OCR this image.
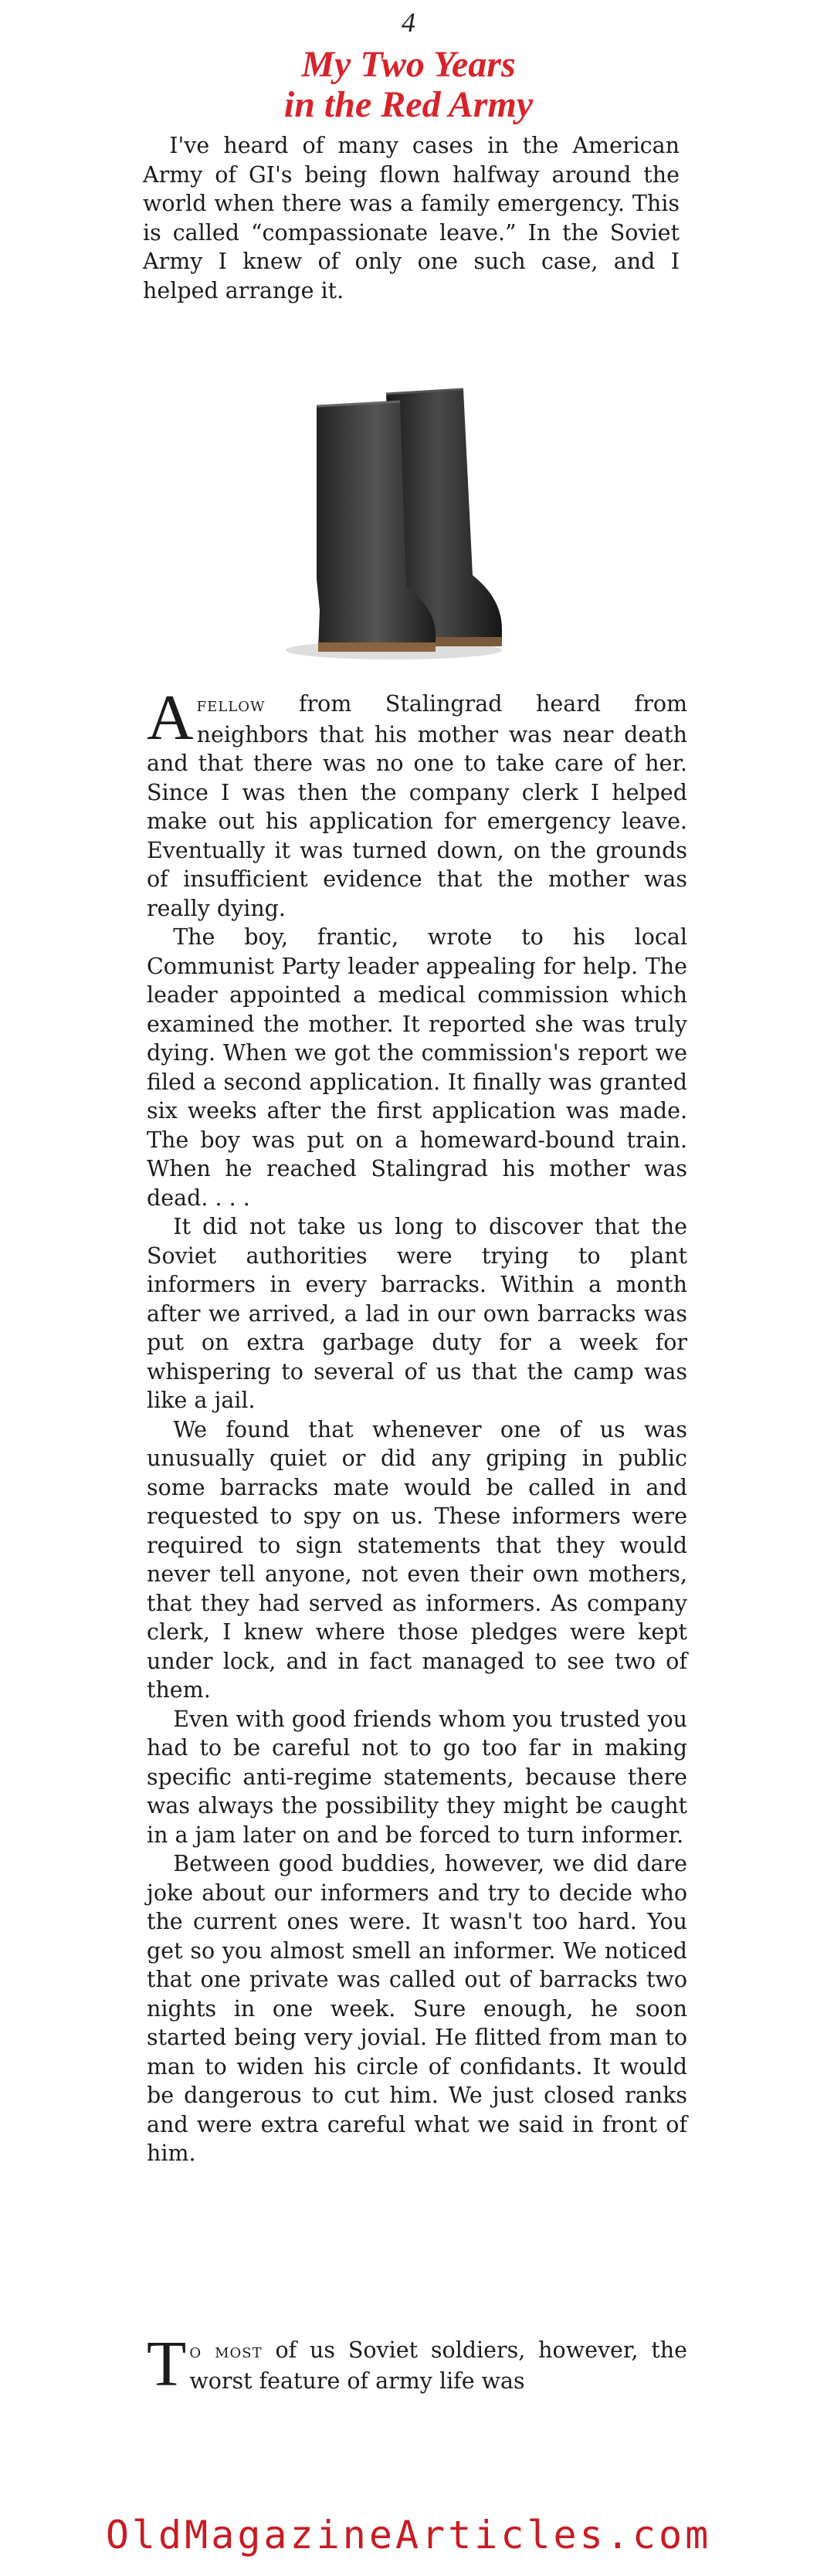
4
My Two Years
in the Red Army

I've heard of many cases in the American Army of GI's being flown halfway around the world when there was a family emergency. This is called “compassionate leave.” In the Soviet Army I knew of only one such case, and I helped arrange it.

Afellow from Stalingrad heard from neighbors that his mother was near death and that there was no one to take care of her. Since I was then the company clerk I helped make out his application for emergency leave. Eventually it was turned down, on the grounds of insufficient evidence that the mother was really dying.

The boy, frantic, wrote to his local Communist Party leader appealing for help. The leader appointed a medical commission which examined the mother. It reported she was truly dying. When we got the commission's report we filed a second application. It finally was granted six weeks after the first application was made. The boy was put on a homeward-bound train. When he reached Stalingrad his mother was dead. . . .

It did not take us long to discover that the Soviet authorities were trying to plant informers in every barracks. Within a month after we arrived, a lad in our own barracks was put on extra garbage duty for a week for whispering to several of us that the camp was like a jail.

We found that whenever one of us was unusually quiet or did any griping in public some barracks mate would be called in and requested to spy on us. These informers were required to sign statements that they would never tell anyone, not even their own mothers, that they had served as informers. As company clerk, I knew where those pledges were kept under lock, and in fact managed to see two of them.

Even with good friends whom you trusted you had to be careful not to go too far in making specific anti-regime statements, because there was always the possibility they might be caught in a jam later on and be forced to turn informer.

Between good buddies, however, we did dare joke about our informers and try to decide who the current ones were. It wasn't too hard. You get so you almost smell an informer. We noticed that one private was called out of barracks two nights in one week. Sure enough, he soon started being very jovial. He flitted from man to man to widen his circle of confidants. It would be dangerous to cut him. We just closed ranks and were extra careful what we said in front of him.

To most of us Soviet soldiers, however, the worst feature of army life was

OldMagazineArticles.com
